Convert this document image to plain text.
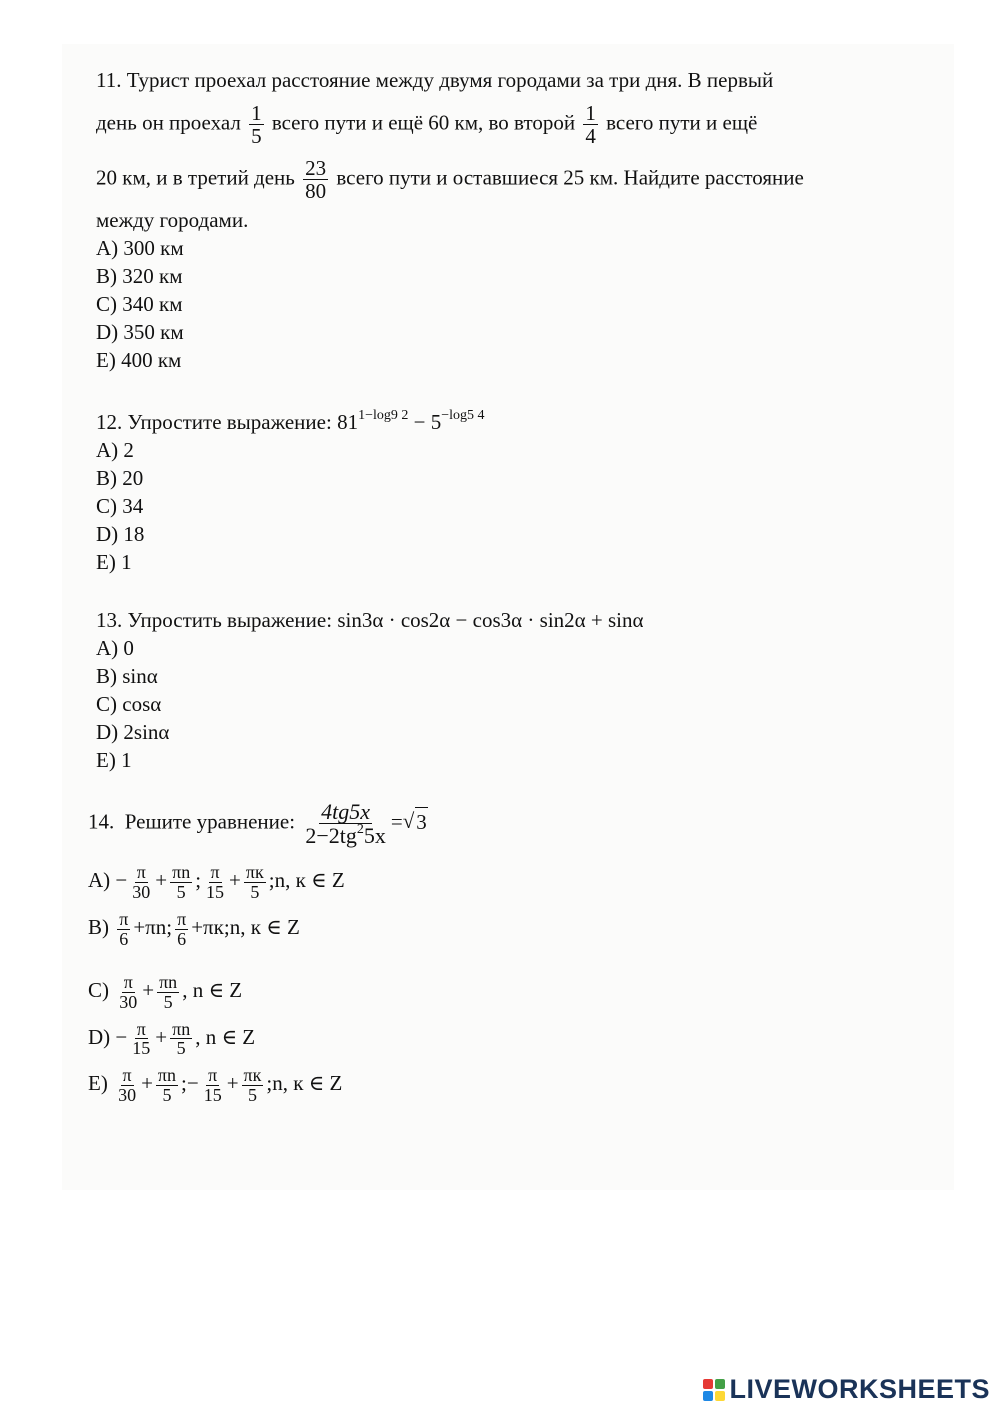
11. Турист проехал расстояние между двумя городами за три дня. В первый
день он проехал $\frac{1}{5}$ всего пути и ещё 60 км, во второй $\frac{1}{4}$ всего пути и ещё
20 км, и в третий день $\frac{23}{80}$ всего пути и оставшиеся 25 км. Найдите расстояние
между городами.
A) 300 км
B) 320 км
C) 340 км
D) 350 км
E) 400 км
12. Упростите выражение: $81^{1-log9 2} - 5^{-log5 4}$
A) 2
B) 20
C) 34
D) 18
E) 1
13. Упростить выражение: sin3α · cos2α − cos3α · sin2α + sinα
A) 0
B) sinα
C) cosα
D) 2sinα
E) 1
14. Решите уравнение: $\frac{4tg5x}{2-2tg^25x}$ = √ 3
$A) - \frac{\pi}{30} + \frac{\pi n}{5}$ ; $\frac{\pi}{15} + \frac{\pi к}{5}$ ;n, к ∈ Z
$B) \frac{\pi}{6} +\pi n$; $\frac{\pi}{6}$ +πк;n, к ∈ Z
$C) \frac{\pi}{30} + \frac{\pi n}{5}$ , n ∈ Z
$D) - \frac{\pi}{15} + \frac{\pi n}{5}$ , n ∈ Z
$E) \frac{\pi}{30} + \frac{\pi n}{5}$ ;− $\frac{\pi}{15} + \frac{\pi к}{5}$ ;n, к ∈ Z
LIVEWORKSHEETS
